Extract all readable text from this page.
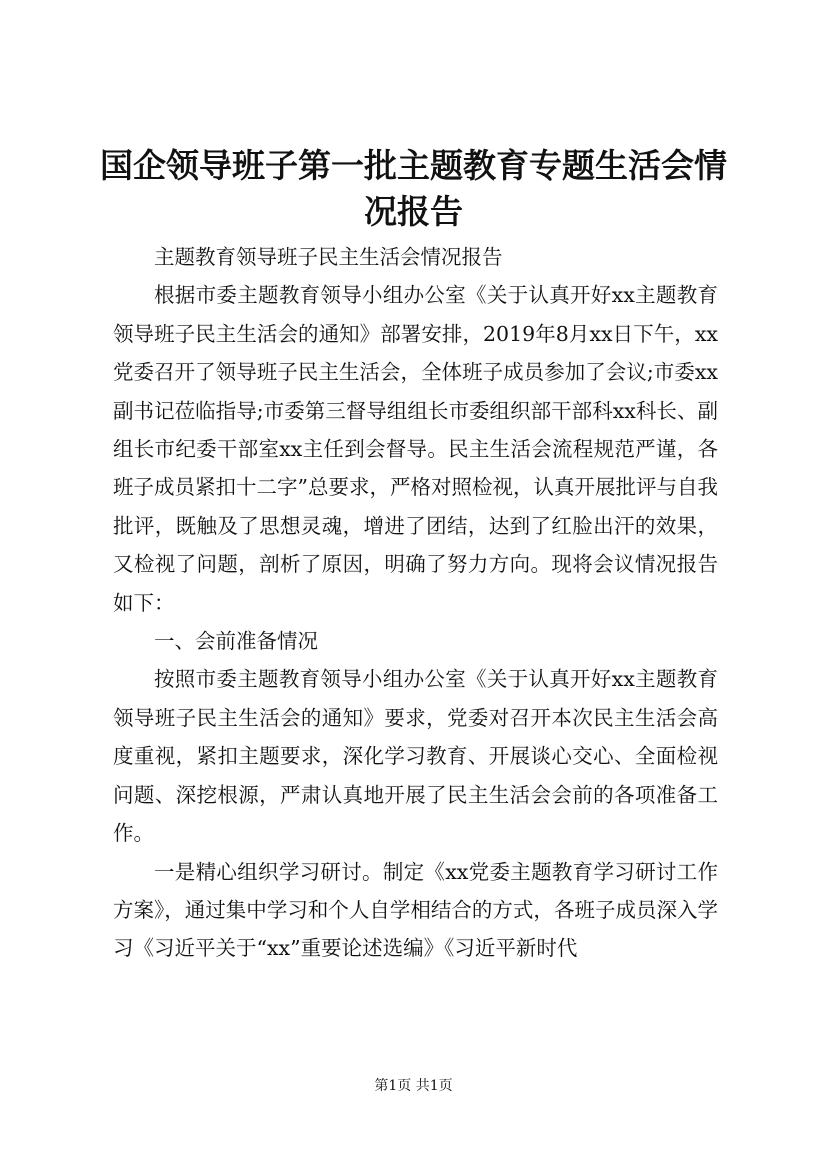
国企领导班子第一批主题教育专题生活会情况报告

主题教育领导班子民主生活会情况报告

根据市委主题教育领导小组办公室《关于认真开好xx主题教育领导班子民主生活会的通知》部署安排，2019年8月xx日下午，xx党委召开了领导班子民主生活会，全体班子成员参加了会议;市委xx副书记莅临指导;市委第三督导组组长市委组织部干部科xx科长、副组长市纪委干部室xx主任到会督导。民主生活会流程规范严谨，各班子成员紧扣十二字”总要求，严格对照检视，认真开展批评与自我批评，既触及了思想灵魂，增进了团结，达到了红脸出汗的效果，又检视了问题，剖析了原因，明确了努力方向。现将会议情况报告如下：

一、会前准备情况

按照市委主题教育领导小组办公室《关于认真开好xx主题教育领导班子民主生活会的通知》要求，党委对召开本次民主生活会高度重视，紧扣主题要求，深化学习教育、开展谈心交心、全面检视问题、深挖根源，严肃认真地开展了民主生活会会前的各项准备工作。

一是精心组织学习研讨。制定《xx党委主题教育学习研讨工作方案》，通过集中学习和个人自学相结合的方式，各班子成员深入学习《习近平关于“xx”重要论述选编》《习近平新时代

第1页 共1页
